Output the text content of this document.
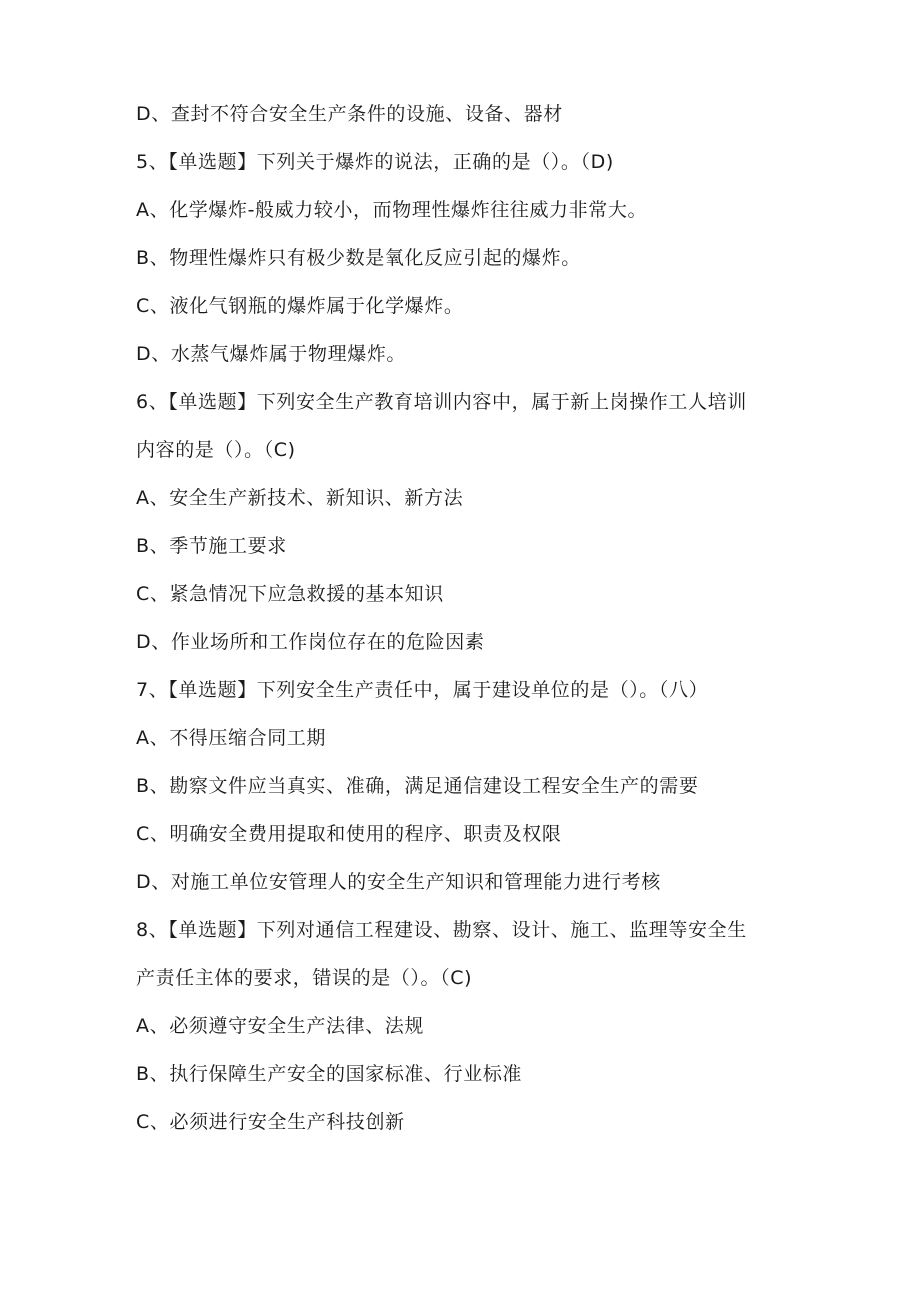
D、查封不符合安全生产条件的设施、设备、器材
5、【单选题】下列关于爆炸的说法，正确的是（）。（D)
A、化学爆炸-般威力较小，而物理性爆炸往往威力非常大。
B、物理性爆炸只有极少数是氧化反应引起的爆炸。
C、液化气钢瓶的爆炸属于化学爆炸。
D、水蒸气爆炸属于物理爆炸。
6、【单选题】下列安全生产教育培训内容中，属于新上岗操作工人培训
内容的是（）。（C)
A、安全生产新技术、新知识、新方法
B、季节施工要求
C、紧急情况下应急救援的基本知识
D、作业场所和工作岗位存在的危险因素
7、【单选题】下列安全生产责任中，属于建设单位的是（）。（八）
A、不得压缩合同工期
B、勘察文件应当真实、准确，满足通信建设工程安全生产的需要
C、明确安全费用提取和使用的程序、职责及权限
D、对施工单位安管理人的安全生产知识和管理能力进行考核
8、【单选题】下列对通信工程建设、勘察、设计、施工、监理等安全生
产责任主体的要求，错误的是（）。（C)
A、必须遵守安全生产法律、法规
B、执行保障生产安全的国家标准、行业标准
C、必须进行安全生产科技创新
